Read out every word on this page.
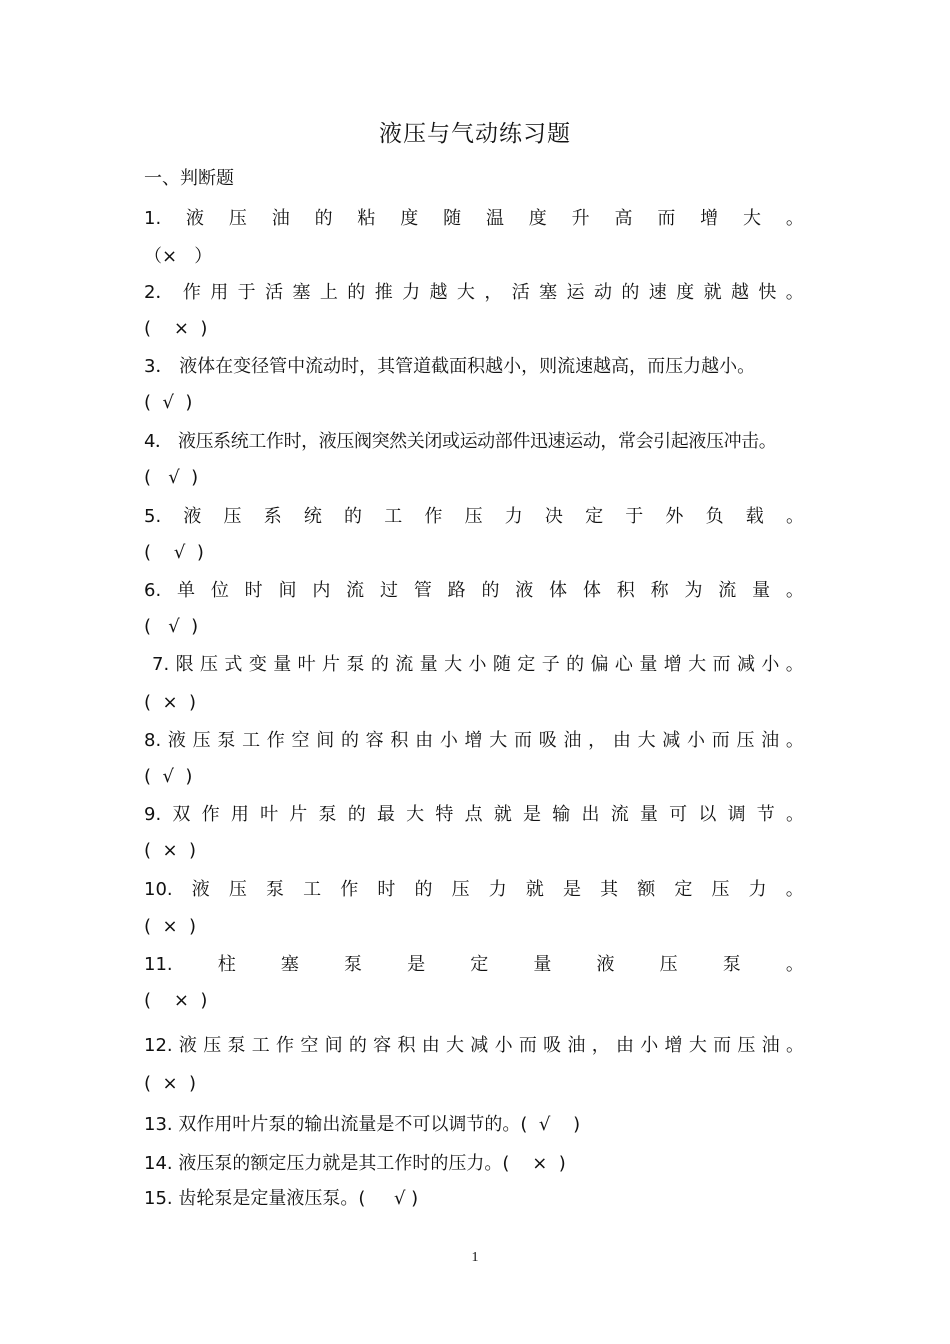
液压与气动练习题
一、判断题
1. 液 压 油 的 粘 度 随 温 度 升 高 而 增 大 。
（×   ）
2． 作 用 于 活 塞 上 的 推 力 越 大 ， 活 塞 运 动 的 速 度 就 越 快 。
(    ×  )
3． 液体在变径管中流动时，其管道截面积越小，则流速越高，而压力越小。
(  √  )
4． 液压系统工作时，液压阀突然关闭或运动部件迅速运动，常会引起液压冲击。
(   √  )
5. 液 压 系 统 的 工 作 压 力 决 定 于 外 负 载 。
(    √  )
6. 单 位 时 间 内 流 过 管 路 的 液 体 体 积 称 为 流 量 。
(   √  )
7. 限 压 式 变 量 叶 片 泵 的 流 量 大 小 随 定 子 的 偏 心 量 增 大 而 减 小 。
(  ×  )
8. 液 压 泵 工 作 空 间 的 容 积 由 小 增 大 而 吸 油 ， 由 大 减 小 而 压 油 。
(  √  )
9. 双 作 用 叶 片 泵 的 最 大 特 点 就 是 输 出 流 量 可 以 调 节 。
(  ×  )
10. 液 压 泵 工 作 时 的 压 力 就 是 其 额 定 压 力 。
(  ×  )
11.	柱	塞	泵	是	定	量	液	压	泵	。
(    ×  )
12. 液 压 泵 工 作 空 间 的 容 积 由 大 减 小 而 吸 油 ， 由 小 增 大 而 压 油 。
(  ×  )
13. 双作用叶片泵的输出流量是不可以调节的。(  √    )
14. 液压泵的额定压力就是其工作时的压力。(    ×  )
15. 齿轮泵是定量液压泵。(     √ )
1
